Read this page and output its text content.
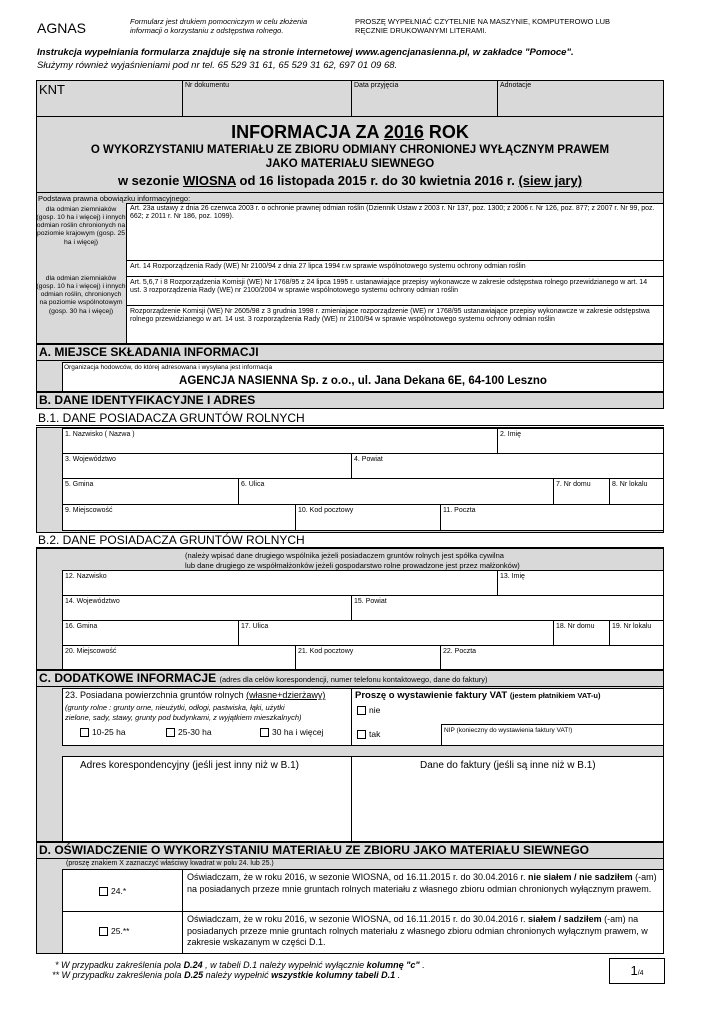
AGNAS	Formularz jest drukiem pomocniczym w celu złożenia informacji o korzystaniu z odstępstwa rolnego.
PROSZĘ WYPEŁNIAĆ CZYTELNIE NA MASZYNIE, KOMPUTEROWO LUB RĘCZNIE DRUKOWANYMI LITERAMI.
Instrukcja wypełniania formularza znajduje się na stronie internetowej www.agencjanasienna.pl, w zakładce "Pomoce".
Służymy również wyjaśnieniami pod nr tel. 65 529 31 61, 65 529 31 62, 697 01 09 68.
KNT	Nr dokumentu	Data przyjęcia	Adnotacje
INFORMACJA ZA 2016 ROK
O WYKORZYSTANIU MATERIAŁU ZE ZBIORU ODMIANY CHRONIONEJ WYŁĄCZNYM PRAWEM
JAKO MATERIAŁU SIEWNEGO
w sezonie WIOSNA od 16 listopada 2015 r. do 30 kwietnia 2016 r. (siew jary)
Podstawa prawna obowiązku informacyjnego:
dla odmian ziemniaków (gosp. 10 ha i więcej) i innych odmian roślin chronionych na poziomie krajowym (gosp. 25 ha i więcej)
Art. 23a ustawy z dnia 26 czerwca 2003 r. o ochronie prawnej odmian roślin (Dziennik Ustaw z 2003 r. Nr 137, poz. 1300; z 2006 r. Nr 126, poz. 877; z 2007 r. Nr 99, poz. 662; z 2011 r. Nr 186, poz. 1099).
dla odmian ziemniaków (gosp. 10 ha i więcej) i innych odmian roślin, chronionych na poziomie wspólnotowym (gosp. 30 ha i więcej)
Art. 14 Rozporządzenia Rady (WE) Nr 2100/94 z dnia 27 lipca 1994 r.w sprawie wspólnotowego systemu ochrony odmian roślin
Art. 5,6,7 i 8 Rozporządzenia Komisji (WE) Nr 1768/95 z 24 lipca 1995 r. ustanawiające przepisy wykonawcze w zakresie odstępstwa rolnego przewidzianego w art. 14 ust. 3 rozporządzenia Rady (WE) nr 2100/2004 w sprawie wspólnotowego systemu ochrony odmian roślin
Rozporządzenie Komisji (WE) Nr 2605/98 z 3 grudnia 1998 r. zmieniające rozporządzenie (WE) nr 1768/95 ustanawiające przepisy wykonawcze w zakresie odstępstwa rolnego przewidzianego w art. 14 ust. 3 rozporządzenia Rady (WE) nr 2100/94 w sprawie wspólnotowego systemu ochrony odmian roślin
A. MIEJSCE SKŁADANIA INFORMACJI
Organizacja hodowców, do której adresowana i wysyłana jest informacja
AGENCJA NASIENNA Sp. z o.o., ul. Jana Dekana 6E, 64-100 Leszno
B. DANE IDENTYFIKACYJNE I ADRES
B.1. DANE POSIADACZA GRUNTÓW ROLNYCH
1. Nazwisko ( Nazwa )	2. Imię
3. Województwo	4. Powiat
5. Gmina	6. Ulica	7. Nr domu	8. Nr lokalu
9. Miejscowość	10. Kod pocztowy	11. Poczta
B.2. DANE POSIADACZA GRUNTÓW ROLNYCH
(należy wpisać dane drugiego wspólnika jeżeli posiadaczem gruntów rolnych jest spółka cywilna
lub dane drugiego ze współmałżonków jeżeli gospodarstwo rolne prowadzone jest przez małżonków)
12. Nazwisko	13. Imię
14. Województwo	15. Powiat
16. Gmina	17. Ulica	18. Nr domu	19. Nr lokalu
20. Miejscowość	21. Kod pocztowy	22. Poczta
C. DODATKOWE INFORMACJE (adres dla celów korespondencji, numer telefonu kontaktowego, dane do faktury)
23. Posiadana powierzchnia gruntów rolnych (własne+dzierżawy)
(grunty rolne : grunty orne, nieużytki, odłogi, pastwiska, łąki, użytki
zielone, sady, stawy, grunty pod budynkami, z wyjątkiem mieszkalnych)
10-25 ha	25-30 ha	30 ha i więcej
Proszę o wystawienie faktury VAT (jestem płatnikiem VAT-u)
nie
tak	NIP (konieczny do wystawienia faktury VAT!)
Adres korespondencyjny (jeśli jest inny niż w B.1)	Dane do faktury (jeśli są inne niż w B.1)
D. OŚWIADCZENIE O WYKORZYSTANIU MATERIAŁU ZE ZBIORU JAKO MATERIAŁU SIEWNEGO
(proszę znakiem X zaznaczyć właściwy kwadrat w polu 24. lub 25.)
24.*
Oświadczam, że w roku 2016, w sezonie WIOSNA, od 16.11.2015 r. do 30.04.2016 r. nie siałem / nie sadziłem (-am) na posiadanych przeze mnie gruntach rolnych materiału z własnego zbioru odmian chronionych wyłącznym prawem.
25.**
Oświadczam, że w roku 2016, w sezonie WIOSNA, od 16.11.2015 r. do 30.04.2016 r. siałem / sadziłem (-am) na posiadanych przeze mnie gruntach rolnych materiału z własnego zbioru odmian chronionych wyłącznym prawem, w zakresie wskazanym w części D.1.
* W przypadku zakreślenia pola D.24 , w tabeli D.1 należy wypełnić wyłącznie kolumnę "c" .
** W przypadku zakreślenia pola D.25 należy wypełnić wszystkie kolumny tabeli D.1 .	1/4
